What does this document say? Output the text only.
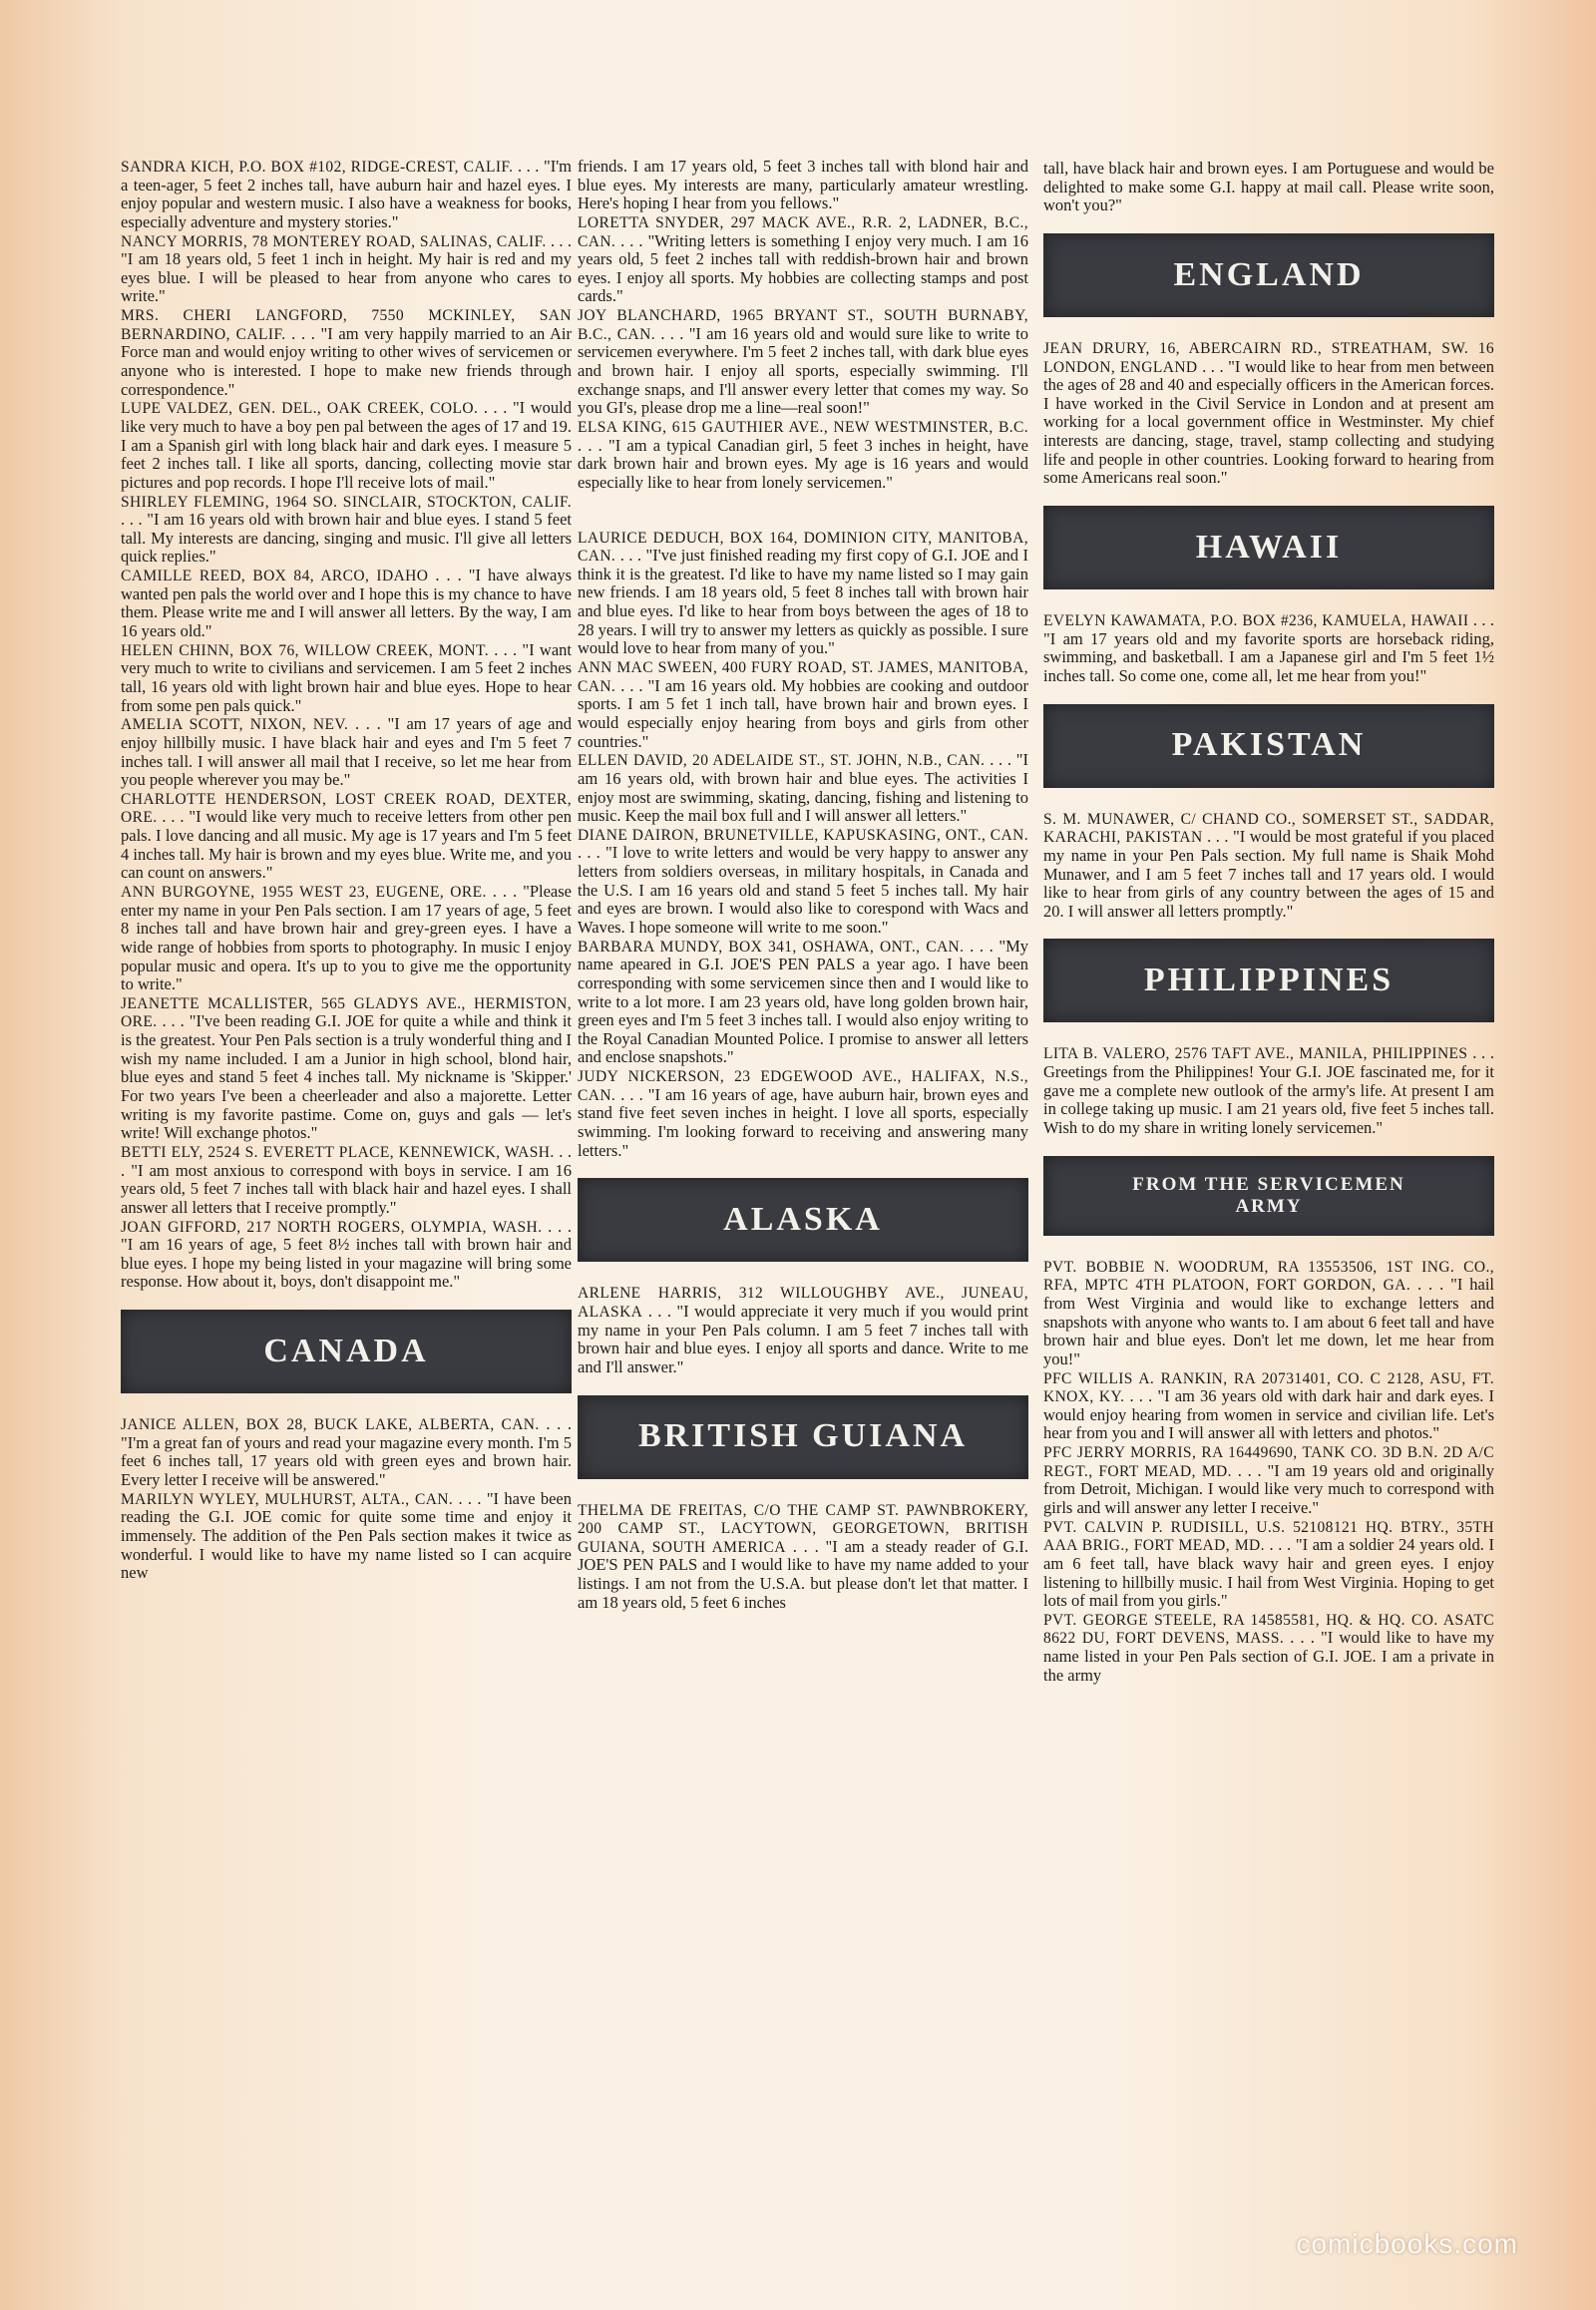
SANDRA KICH, P.O. BOX #102, RIDGE-CREST, CALIF. . . . "I'm a teen-ager, 5 feet 2 inches tall, have auburn hair and hazel eyes. I enjoy popular and western music. I also have a weakness for books, especially adventure and mystery stories."

NANCY MORRIS, 78 MONTEREY ROAD, SALINAS, CALIF. . . . "I am 18 years old, 5 feet 1 inch in height. My hair is red and my eyes blue. I will be pleased to hear from anyone who cares to write."

MRS. CHERI LANGFORD, 7550 MCKINLEY, SAN BERNARDINO, CALIF. . . . "I am very happily married to an Air Force man and would enjoy writing to other wives of servicemen or anyone who is interested. I hope to make new friends through correspondence."

LUPE VALDEZ, GEN. DEL., OAK CREEK, COLO. . . . "I would like very much to have a boy pen pal between the ages of 17 and 19. I am a Spanish girl with long black hair and dark eyes. I measure 5 feet 2 inches tall. I like all sports, dancing, collecting movie star pictures and pop records. I hope I'll receive lots of mail."

SHIRLEY FLEMING, 1964 SO. SINCLAIR, STOCKTON, CALIF. . . . "I am 16 years old with brown hair and blue eyes. I stand 5 feet tall. My interests are dancing, singing and music. I'll give all letters quick replies."

CAMILLE REED, BOX 84, ARCO, IDAHO . . . "I have always wanted pen pals the world over and I hope this is my chance to have them. Please write me and I will answer all letters. By the way, I am 16 years old."

HELEN CHINN, BOX 76, WILLOW CREEK, MONT. . . . "I want very much to write to civilians and servicemen. I am 5 feet 2 inches tall, 16 years old with light brown hair and blue eyes. Hope to hear from some pen pals quick."

AMELIA SCOTT, NIXON, NEV. . . . "I am 17 years of age and enjoy hillbilly music. I have black hair and eyes and I'm 5 feet 7 inches tall. I will answer all mail that I receive, so let me hear from you people wherever you may be."

CHARLOTTE HENDERSON, LOST CREEK ROAD, DEXTER, ORE. . . . "I would like very much to receive letters from other pen pals. I love dancing and all music. My age is 17 years and I'm 5 feet 4 inches tall. My hair is brown and my eyes blue. Write me, and you can count on answers."

ANN BURGOYNE, 1955 WEST 23, EUGENE, ORE. . . . "Please enter my name in your Pen Pals section. I am 17 years of age, 5 feet 8 inches tall and have brown hair and grey-green eyes. I have a wide range of hobbies from sports to photography. In music I enjoy popular music and opera. It's up to you to give me the opportunity to write."

JEANETTE MCALLISTER, 565 GLADYS AVE., HERMISTON, ORE. . . . "I've been reading G.I. JOE for quite a while and think it is the greatest. Your Pen Pals section is a truly wonderful thing and I wish my name included. I am a Junior in high school, blond hair, blue eyes and stand 5 feet 4 inches tall. My nickname is 'Skipper.' For two years I've been a cheerleader and also a majorette. Letter writing is my favorite pastime. Come on, guys and gals — let's write! Will exchange photos."

BETTI ELY, 2524 S. EVERETT PLACE, KENNEWICK, WASH. . . . "I am most anxious to correspond with boys in service. I am 16 years old, 5 feet 7 inches tall with black hair and hazel eyes. I shall answer all letters that I receive promptly."

JOAN GIFFORD, 217 NORTH ROGERS, OLYMPIA, WASH. . . . "I am 16 years of age, 5 feet 8½ inches tall with brown hair and blue eyes. I hope my being listed in your magazine will bring some response. How about it, boys, don't disappoint me."

CANADA

JANICE ALLEN, BOX 28, BUCK LAKE, ALBERTA, CAN. . . . "I'm a great fan of yours and read your magazine every month. I'm 5 feet 6 inches tall, 17 years old with green eyes and brown hair. Every letter I receive will be answered."

MARILYN WYLEY, MULHURST, ALTA., CAN. . . . "I have been reading the G.I. JOE comic for quite some time and enjoy it immensely. The addition of the Pen Pals section makes it twice as wonderful. I would like to have my name listed so I can acquire new

friends. I am 17 years old, 5 feet 3 inches tall with blond hair and blue eyes. My interests are many, particularly amateur wrestling. Here's hoping I hear from you fellows."

LORETTA SNYDER, 297 MACK AVE., R.R. 2, LADNER, B.C., CAN. . . . "Writing letters is something I enjoy very much. I am 16 years old, 5 feet 2 inches tall with reddish-brown hair and brown eyes. I enjoy all sports. My hobbies are collecting stamps and post cards."

JOY BLANCHARD, 1965 BRYANT ST., SOUTH BURNABY, B.C., CAN. . . . "I am 16 years old and would sure like to write to servicemen everywhere. I'm 5 feet 2 inches tall, with dark blue eyes and brown hair. I enjoy all sports, especially swimming. I'll exchange snaps, and I'll answer every letter that comes my way. So you GI's, please drop me a line—real soon!"

ELSA KING, 615 GAUTHIER AVE., NEW WESTMINSTER, B.C. . . . "I am a typical Canadian girl, 5 feet 3 inches in height, have dark brown hair and brown eyes. My age is 16 years and would especially like to hear from lonely servicemen."

LAURICE DEDUCH, BOX 164, DOMINION CITY, MANITOBA, CAN. . . . "I've just finished reading my first copy of G.I. JOE and I think it is the greatest. I'd like to have my name listed so I may gain new friends. I am 18 years old, 5 feet 8 inches tall with brown hair and blue eyes. I'd like to hear from boys between the ages of 18 to 28 years. I will try to answer my letters as quickly as possible. I sure would love to hear from many of you."

ANN MAC SWEEN, 400 FURY ROAD, ST. JAMES, MANITOBA, CAN. . . . "I am 16 years old. My hobbies are cooking and outdoor sports. I am 5 fet 1 inch tall, have brown hair and brown eyes. I would especially enjoy hearing from boys and girls from other countries."

ELLEN DAVID, 20 ADELAIDE ST., ST. JOHN, N.B., CAN. . . . "I am 16 years old, with brown hair and blue eyes. The activities I enjoy most are swimming, skating, dancing, fishing and listening to music. Keep the mail box full and I will answer all letters."

DIANE DAIRON, BRUNETVILLE, KAPUSKASING, ONT., CAN. . . . "I love to write letters and would be very happy to answer any letters from soldiers overseas, in military hospitals, in Canada and the U.S. I am 16 years old and stand 5 feet 5 inches tall. My hair and eyes are brown. I would also like to corespond with Wacs and Waves. I hope someone will write to me soon."

BARBARA MUNDY, BOX 341, OSHAWA, ONT., CAN. . . . "My name apeared in G.I. JOE'S PEN PALS a year ago. I have been corresponding with some servicemen since then and I would like to write to a lot more. I am 23 years old, have long golden brown hair, green eyes and I'm 5 feet 3 inches tall. I would also enjoy writing to the Royal Canadian Mounted Police. I promise to answer all letters and enclose snapshots."

JUDY NICKERSON, 23 EDGEWOOD AVE., HALIFAX, N.S., CAN. . . . "I am 16 years of age, have auburn hair, brown eyes and stand five feet seven inches in height. I love all sports, especially swimming. I'm looking forward to receiving and answering many letters."

ALASKA

ARLENE HARRIS, 312 WILLOUGHBY AVE., JUNEAU, ALASKA . . . "I would appreciate it very much if you would print my name in your Pen Pals column. I am 5 feet 7 inches tall with brown hair and blue eyes. I enjoy all sports and dance. Write to me and I'll answer."

BRITISH GUIANA

THELMA DE FREITAS, C/O THE CAMP ST. PAWNBROKERY, 200 CAMP ST., LACYTOWN, GEORGETOWN, BRITISH GUIANA, SOUTH AMERICA . . . "I am a steady reader of G.I. JOE'S PEN PALS and I would like to have my name added to your listings. I am not from the U.S.A. but please don't let that matter. I am 18 years old, 5 feet 6 inches

tall, have black hair and brown eyes. I am Portuguese and would be delighted to make some G.I. happy at mail call. Please write soon, won't you?"

ENGLAND

JEAN DRURY, 16, ABERCAIRN RD., STREATHAM, SW. 16 LONDON, ENGLAND . . . "I would like to hear from men between the ages of 28 and 40 and especially officers in the American forces. I have worked in the Civil Service in London and at present am working for a local government office in Westminster. My chief interests are dancing, stage, travel, stamp collecting and studying life and people in other countries. Looking forward to hearing from some Americans real soon."

HAWAII

EVELYN KAWAMATA, P.O. BOX #236, KAMUELA, HAWAII . . . "I am 17 years old and my favorite sports are horseback riding, swimming, and basketball. I am a Japanese girl and I'm 5 feet 1½ inches tall. So come one, come all, let me hear from you!"

PAKISTAN

S. M. MUNAWER, C/ CHAND CO., SOMERSET ST., SADDAR, KARACHI, PAKISTAN . . . "I would be most grateful if you placed my name in your Pen Pals section. My full name is Shaik Mohd Munawer, and I am 5 feet 7 inches tall and 17 years old. I would like to hear from girls of any country between the ages of 15 and 20. I will answer all letters promptly."

PHILIPPINES

LITA B. VALERO, 2576 TAFT AVE., MANILA, PHILIPPINES . . . Greetings from the Philippines! Your G.I. JOE fascinated me, for it gave me a complete new outlook of the army's life. At present I am in college taking up music. I am 21 years old, five feet 5 inches tall. Wish to do my share in writing lonely servicemen."

FROM THE SERVICEMEN
ARMY

PVT. BOBBIE N. WOODRUM, RA 13553506, 1ST ING. CO., RFA, MPTC 4TH PLATOON, FORT GORDON, GA. . . . "I hail from West Virginia and would like to exchange letters and snapshots with anyone who wants to. I am about 6 feet tall and have brown hair and blue eyes. Don't let me down, let me hear from you!"

PFC WILLIS A. RANKIN, RA 20731401, CO. C 2128, ASU, FT. KNOX, KY. . . . "I am 36 years old with dark hair and dark eyes. I would enjoy hearing from women in service and civilian life. Let's hear from you and I will answer all with letters and photos."

PFC JERRY MORRIS, RA 16449690, TANK CO. 3D B.N. 2D A/C REGT., FORT MEAD, MD. . . . "I am 19 years old and originally from Detroit, Michigan. I would like very much to correspond with girls and will answer any letter I receive."

PVT. CALVIN P. RUDISILL, U.S. 52108121 HQ. BTRY., 35TH AAA BRIG., FORT MEAD, MD. . . . "I am a soldier 24 years old. I am 6 feet tall, have black wavy hair and green eyes. I enjoy listening to hillbilly music. I hail from West Virginia. Hoping to get lots of mail from you girls."

PVT. GEORGE STEELE, RA 14585581, HQ. & HQ. CO. ASATC 8622 DU, FORT DEVENS, MASS. . . . "I would like to have my name listed in your Pen Pals section of G.I. JOE. I am a private in the army

comicbooks.com
